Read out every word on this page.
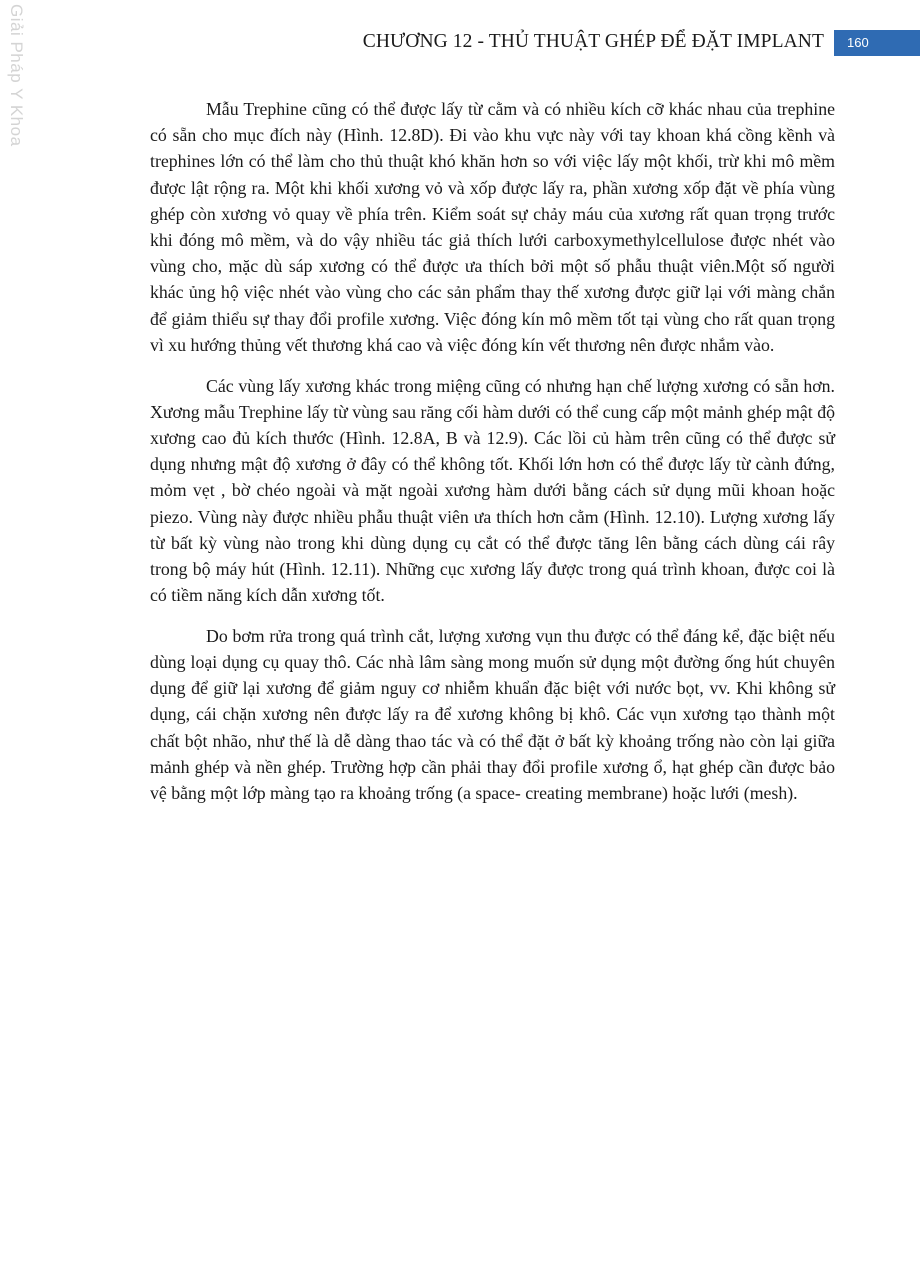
Giải Pháp Y Khoa	CHƯƠNG 12 - THỦ THUẬT GHÉP ĐỂ ĐẶT IMPLANT	160

Mẫu Trephine cũng có thể được lấy từ cằm và có nhiều kích cỡ khác nhau của trephine có sẵn cho mục đích này (Hình. 12.8D). Đi vào khu vực này với tay khoan khá cồng kềnh và trephines lớn có thể làm cho thủ thuật khó khăn hơn so với việc lấy một khối, trừ khi mô mềm được lật rộng ra. Một khi khối xương vỏ và xốp được lấy ra, phần xương xốp đặt về phía vùng ghép còn xương vỏ quay về phía trên. Kiểm soát sự chảy máu của xương rất quan trọng trước khi đóng mô mềm, và do vậy nhiều tác giả thích lưới carboxymethylcellulose được nhét vào vùng cho, mặc dù sáp xương có thể được ưa thích bởi một số phẫu thuật viên.Một số người khác ủng hộ việc nhét vào vùng cho các sản phẩm thay thế xương được giữ lại với màng chắn để giảm thiểu sự thay đổi profile xương. Việc đóng kín mô mềm tốt tại vùng cho rất quan trọng vì xu hướng thủng vết thương khá cao và việc đóng kín vết thương nên được nhắm vào.

Các vùng lấy xương khác trong miệng cũng có nhưng hạn chế lượng xương có sẵn hơn. Xương mẫu Trephine lấy từ vùng sau răng cối hàm dưới có thể cung cấp một mảnh ghép mật độ xương cao đủ kích thước (Hình. 12.8A, B và 12.9). Các lồi củ hàm trên cũng có thể được sử dụng nhưng mật độ xương ở đây có thể không tốt. Khối lớn hơn có thể được lấy từ cành đứng, mỏm vẹt , bờ chéo ngoài và mặt ngoài xương hàm dưới bằng cách sử dụng mũi khoan hoặc piezo. Vùng này được nhiều phẫu thuật viên ưa thích hơn cằm (Hình. 12.10). Lượng xương lấy từ bất kỳ vùng nào trong khi dùng dụng cụ cắt có thể được tăng lên bằng cách dùng cái rây trong bộ máy hút (Hình. 12.11). Những cục xương lấy được trong quá trình khoan, được coi là có tiềm năng kích dẫn xương tốt.

Do bơm rửa trong quá trình cắt, lượng xương vụn thu được có thể đáng kể, đặc biệt nếu dùng loại dụng cụ quay thô. Các nhà lâm sàng mong muốn sử dụng một đường ống hút chuyên dụng để giữ lại xương để giảm nguy cơ nhiễm khuẩn đặc biệt với nước bọt, vv. Khi không sử dụng, cái chặn xương nên được lấy ra để xương không bị khô. Các vụn xương tạo thành một chất bột nhão, như thế là dễ dàng thao tác và có thể đặt ở bất kỳ khoảng trống nào còn lại giữa mảnh ghép và nền ghép. Trường hợp cần phải thay đổi profile xương ổ, hạt ghép cần được bảo vệ bằng một lớp màng tạo ra khoảng trống (a space- creating membrane) hoặc lưới (mesh).
